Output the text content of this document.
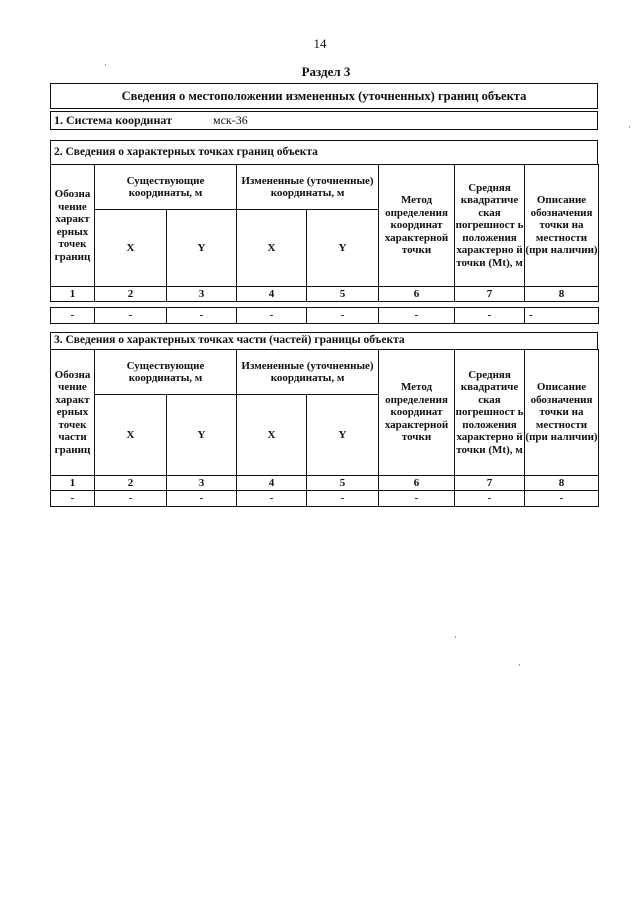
14
Раздел 3
Сведения о местоположении измененных (уточненных) границ объекта
1. Система координат	мск-36
2. Сведения о характерных точках границ объекта
Обозна чение характ ерных точек границ	Существующие координаты, м		Измененные (уточненные) координаты, м		Метод определения координат характерной точки	Средняя квадратиче ская погрешност ь положения характерно й точки (Mt), м	Описание обозначения точки на местности (при наличии)
	X	Y	X	Y			
1	2	3	4	5	6	7	8

-	-	-	-	-	-	-	-
3. Сведения о характерных точках части (частей) границы объекта
Обозна чение характ ерных точек части границ	Существующие координаты, м		Измененные (уточненные) координаты, м		Метод определения координат характерной точки	Средняя квадратиче ская погрешност ь положения характерно й точки (Mt), м	Описание обозначения точки на местности (при наличии)
	X	Y	X	Y			
1	2	3	4	5	6	7	8
-	-	-	-	-	-	-	-
·
·
·
·
